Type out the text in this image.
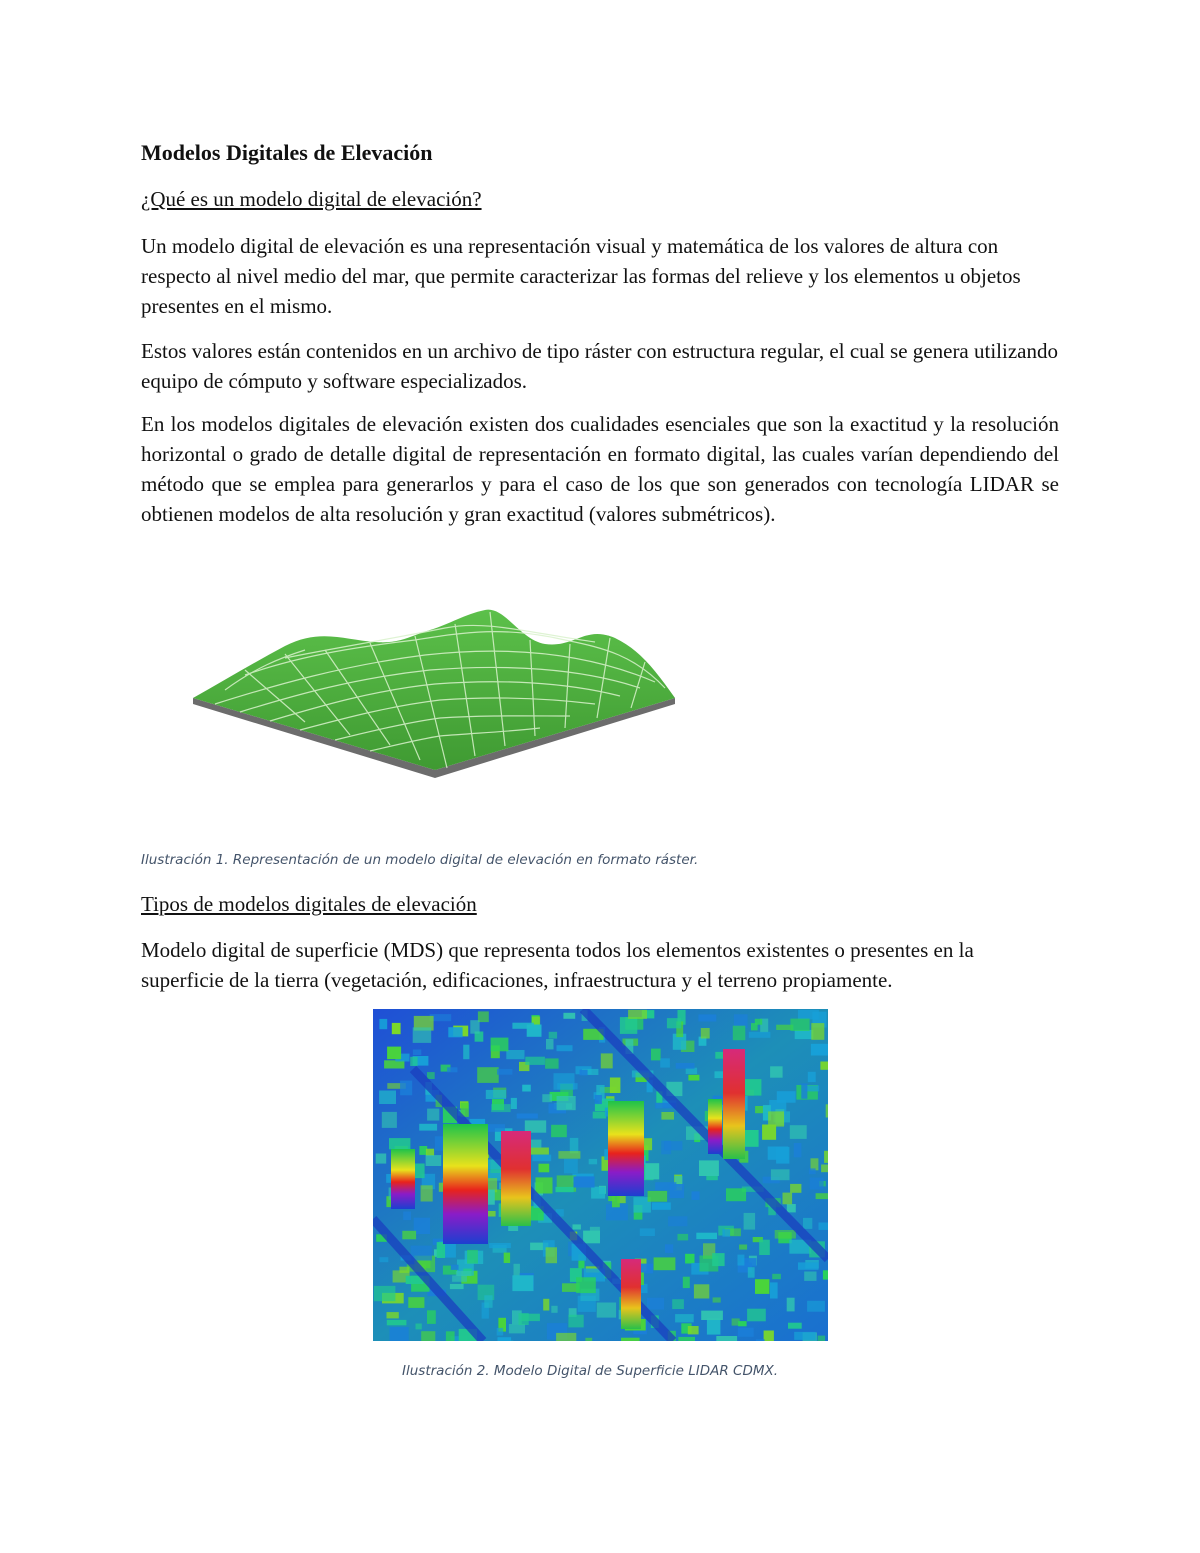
Modelos Digitales de Elevación

¿Qué es un modelo digital de elevación?

Un modelo digital de elevación es una representación visual y matemática de los valores de altura con respecto al nivel medio del mar, que permite caracterizar las formas del relieve y los elementos u objetos presentes en el mismo.

Estos valores están contenidos en un archivo de tipo ráster con estructura regular, el cual se genera utilizando equipo de cómputo y software especializados.

En los modelos digitales de elevación existen dos cualidades esenciales que son la exactitud y la resolución horizontal o grado de detalle digital de representación en formato digital, las cuales varían dependiendo del método que se emplea para generarlos y para el caso de los que son generados con tecnología LIDAR se obtienen modelos de alta resolución y gran exactitud (valores submétricos).

Ilustración 1. Representación de un modelo digital de elevación en formato ráster.

Tipos de modelos digitales de elevación

Modelo digital de superficie (MDS) que representa todos los elementos existentes o presentes en la superficie de la tierra (vegetación, edificaciones, infraestructura y el terreno propiamente.

Ilustración 2. Modelo Digital de Superficie LIDAR CDMX.
